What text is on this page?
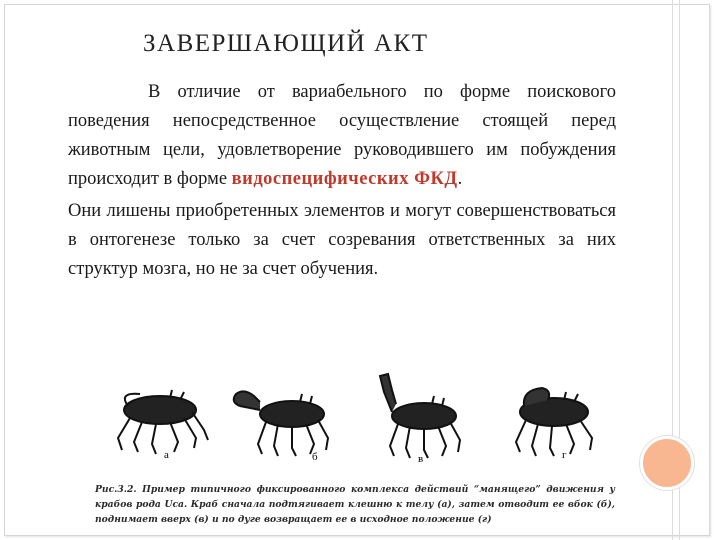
ЗАВЕРШАЮЩИЙ АКТ

В отличие от вариабельного по форме поискового поведения непосредственное осуществление стоящей перед животным цели, удовлетворение руководившего им побуждения происходит в форме видоспецифических ФКД.

Они лишены приобретенных элементов и могут совершенствоваться в онтогенезе только за счет созревания ответственных за них структур мозга, но не за счет обучения.

а	б	в	г
Рис.3.2. Пример типичного фиксированного комплекса действий “манящего” движения у крабов рода Uca. Краб сначала подтягивает клешню к телу (а), затем отводит ее вбок (б), поднимает вверх (в) и по дуге возвращает ее в исходное положение (г)
